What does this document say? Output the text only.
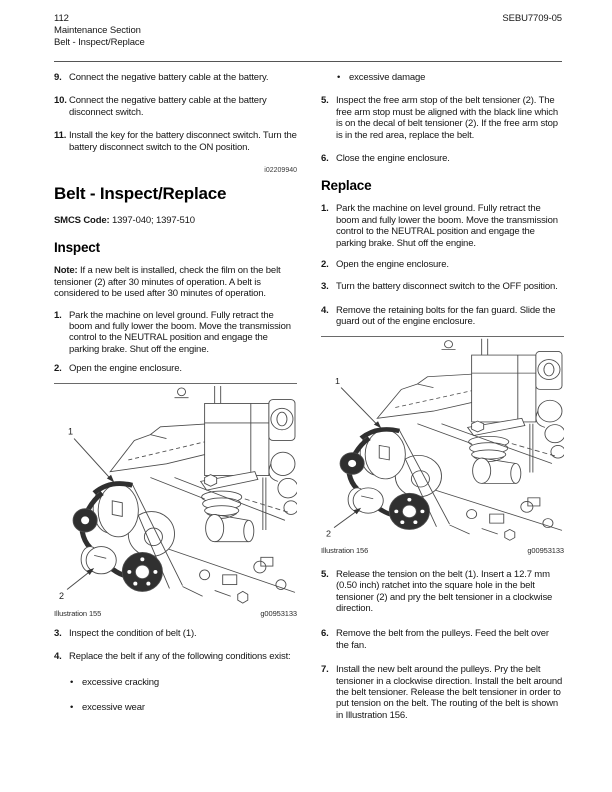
112
Maintenance Section
Belt - Inspect/Replace
SEBU7709-05
9. Connect the negative battery cable at the battery.
10. Connect the negative battery cable at the battery disconnect switch.
11. Install the key for the battery disconnect switch. Turn the battery disconnect switch to the ON position.
i02209940
Belt - Inspect/Replace

SMCS Code: 1397-040; 1397-510

Inspect

Note: If a new belt is installed, check the film on the belt tensioner (2) after 30 minutes of operation. A belt is considered to be used after 30 minutes of operation.

1. Park the machine on level ground. Fully retract the boom and fully lower the boom. Move the transmission control to the NEUTRAL position and engage the parking brake. Shut off the engine.
2. Open the engine enclosure.
Illustration 155	g00953133
3. Inspect the condition of belt (1).
4. Replace the belt if any of the following conditions exist:
• excessive cracking
• excessive wear
• excessive damage
5. Inspect the free arm stop of the belt tensioner (2). The free arm stop must be aligned with the black line which is on the decal of belt tensioner (2). If the free arm stop is in the red area, replace the belt.
6. Close the engine enclosure.
Replace
1. Park the machine on level ground. Fully retract the boom and fully lower the boom. Move the transmission control to the NEUTRAL position and engage the parking brake. Shut off the engine.
2. Open the engine enclosure.
3. Turn the battery disconnect switch to the OFF position.
4. Remove the retaining bolts for the fan guard. Slide the guard out of the engine enclosure.
Illustration 156	g00953133
5. Release the tension on the belt (1). Insert a 12.7 mm (0.50 inch) ratchet into the square hole in the belt tensioner (2) and pry the belt tensioner in a clockwise direction.
6. Remove the belt from the pulleys. Feed the belt over the fan.
7. Install the new belt around the pulleys. Pry the belt tensioner in a clockwise direction. Install the belt around the belt tensioner. Release the belt tensioner in order to put tension on the belt. The routing of the belt is shown in Illustration 156.
